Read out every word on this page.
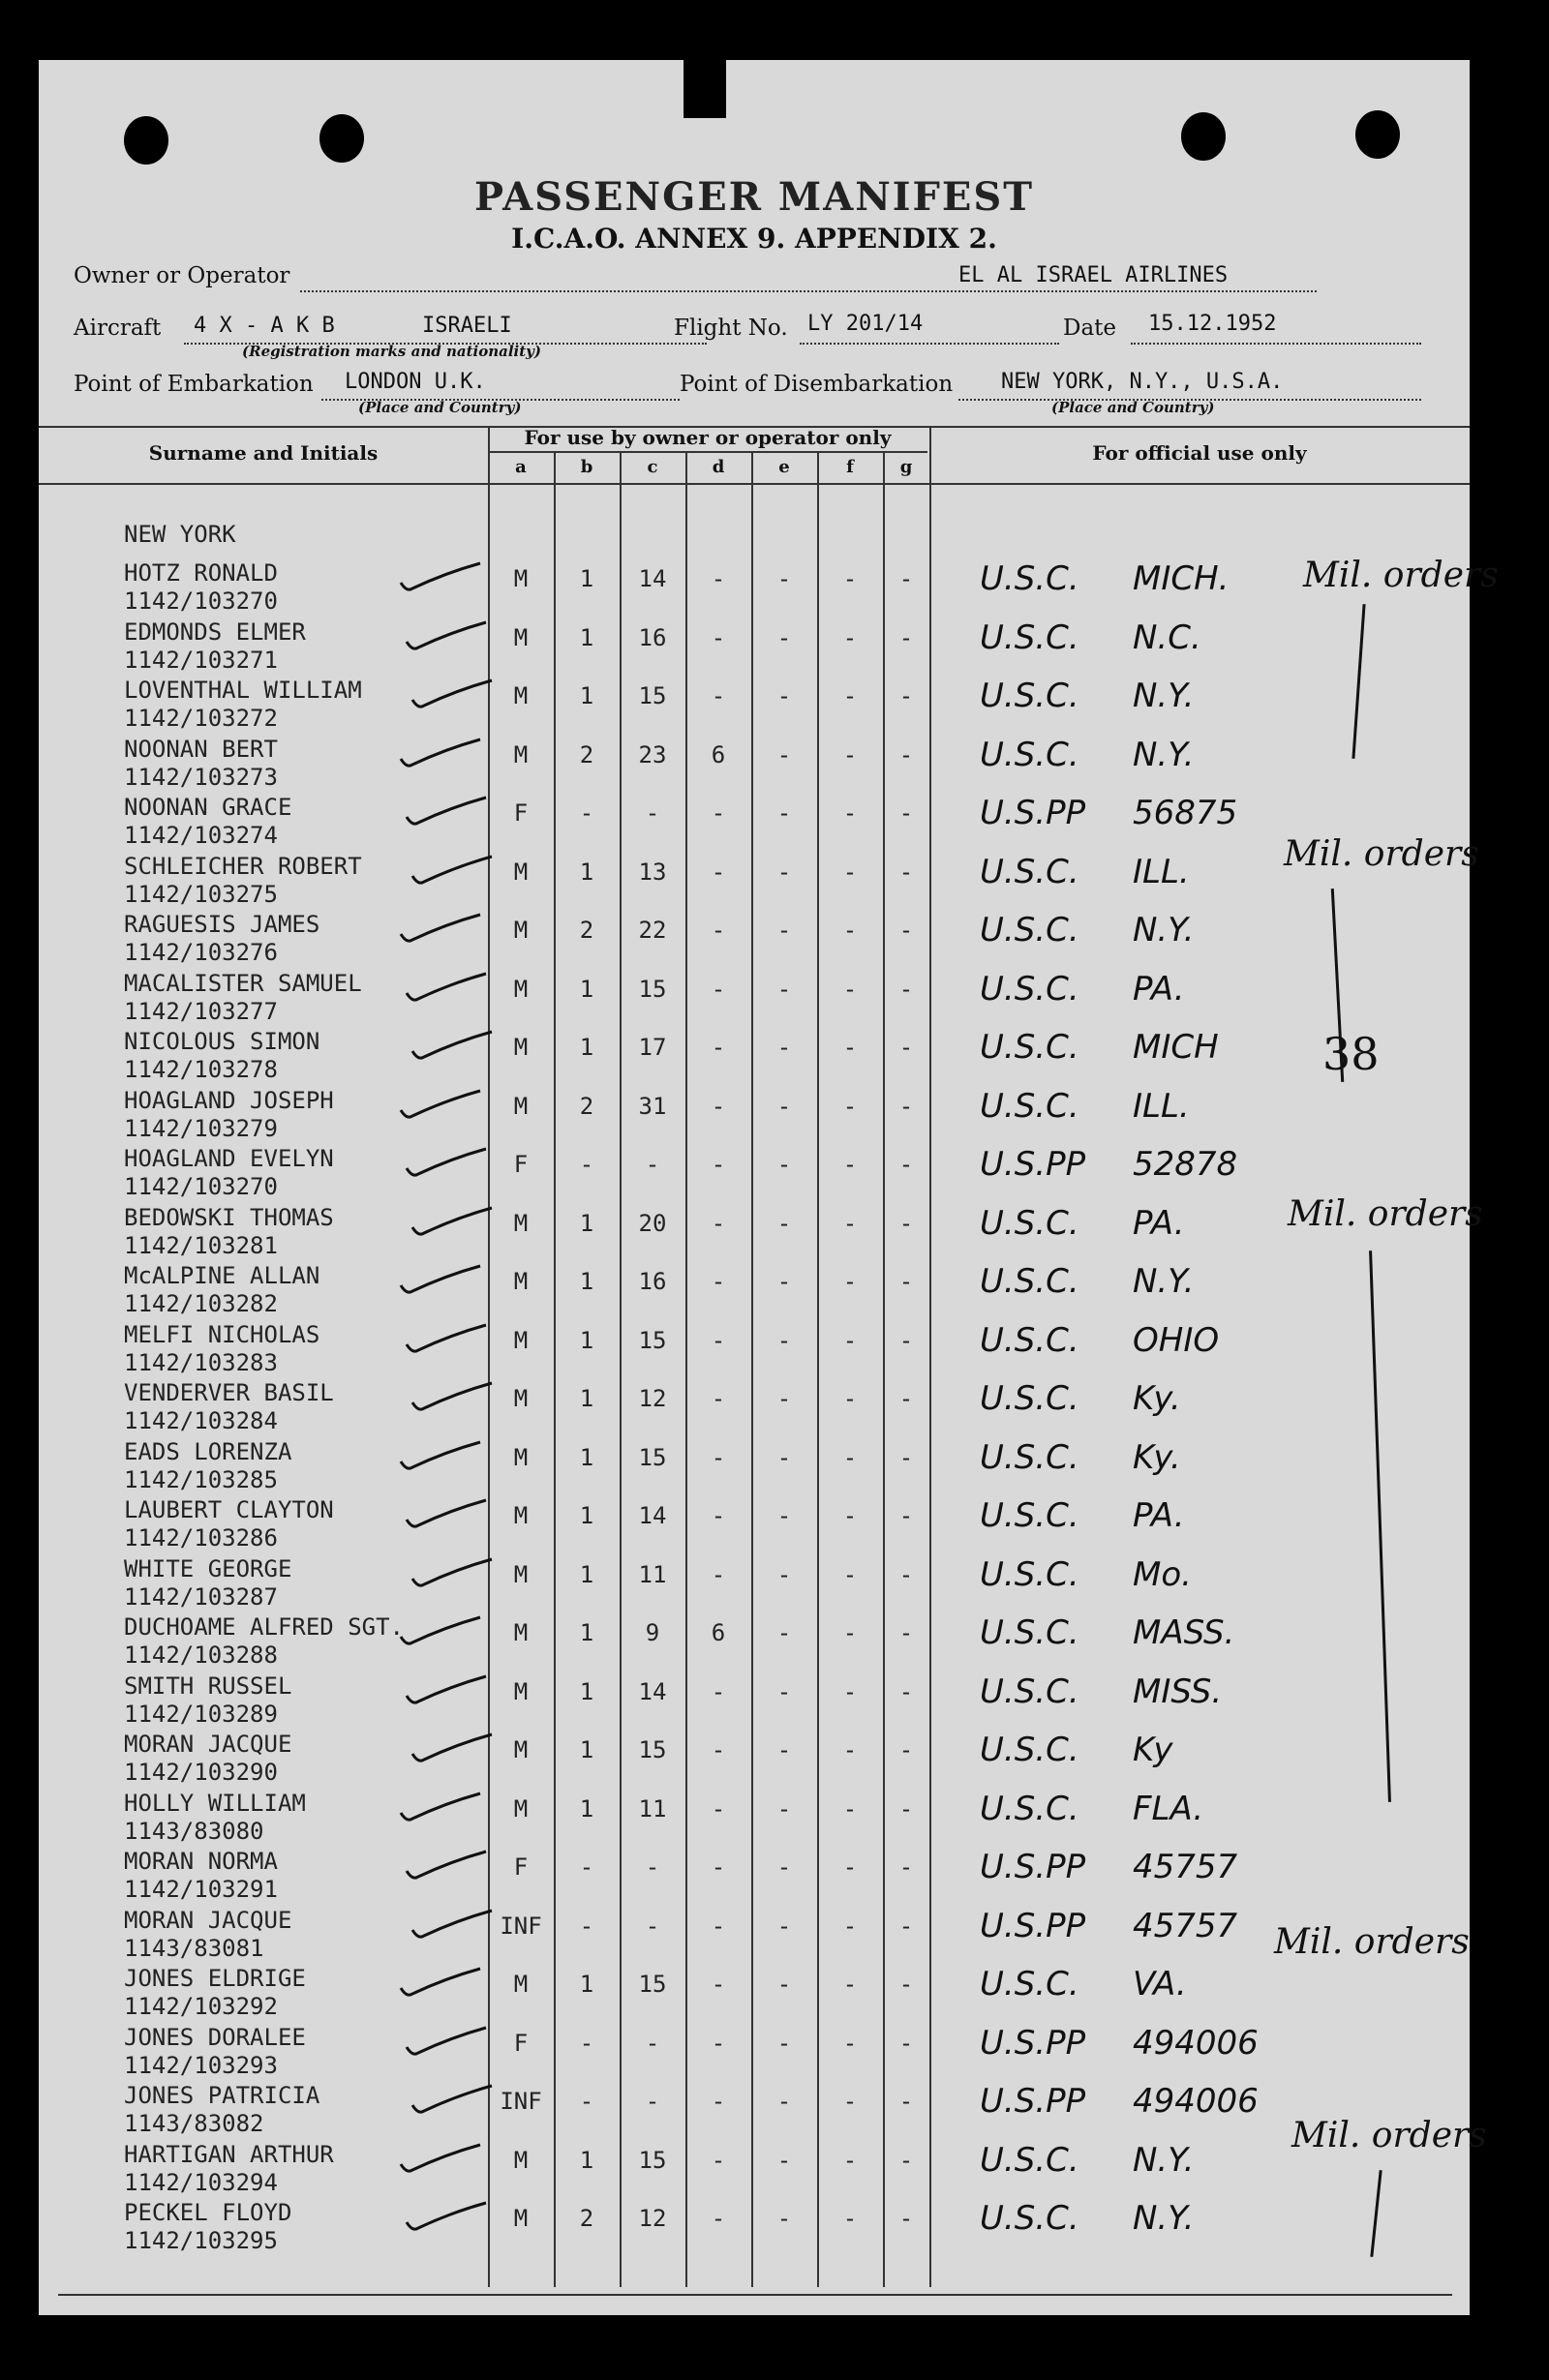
PASSENGER MANIFEST
I.C.A.O. ANNEX 9. APPENDIX 2.
Owner or Operator	EL AL ISRAEL AIRLINES
Aircraft 4 X - A K B	ISRAELI
(Registration marks and nationality)
Flight No. LY 201/14	Date 15.12.1952
Point of Embarkation LONDON U.K.
(Place and Country)
Point of Disembarkation NEW YORK, N.Y., U.S.A.
(Place and Country)
Surname and Initials
For use by owner or operator only
For official use only
a	b	c	d	e	f	g
NEW YORK
HOTZ RONALD
1142/103270
M	1	14	-	-	-	-	U.S.C. MICH.
EDMONDS ELMER
1142/103271
M	1	16	-	-	-	-	U.S.C. N.C.
LOVENTHAL WILLIAM
1142/103272
M	1	15	-	-	-	-	U.S.C. N.Y.
NOONAN BERT
1142/103273
M	2	23	6	-	-	-	U.S.C. N.Y.
NOONAN GRACE
1142/103274
F	-	-	-	-	-	-	U.S.PP 56875
SCHLEICHER ROBERT
1142/103275
M	1	13	-	-	-	-	U.S.C. ILL.
RAGUESIS JAMES
1142/103276
M	2	22	-	-	-	-	U.S.C. N.Y.
MACALISTER SAMUEL
1142/103277
M	1	15	-	-	-	-	U.S.C. PA.
NICOLOUS SIMON
1142/103278
M	1	17	-	-	-	-	U.S.C. MICH
HOAGLAND JOSEPH
1142/103279
M	2	31	-	-	-	-	U.S.C. ILL.
HOAGLAND EVELYN
1142/103270
F	-	-	-	-	-	-	U.S.PP 52878
BEDOWSKI THOMAS
1142/103281
M	1	20	-	-	-	-	U.S.C. PA.
McALPINE ALLAN
1142/103282
M	1	16	-	-	-	-	U.S.C. N.Y.
MELFI NICHOLAS
1142/103283
M	1	15	-	-	-	-	U.S.C. OHIO
VENDERVER BASIL
1142/103284
M	1	12	-	-	-	-	U.S.C. Ky.
EADS LORENZA
1142/103285
M	1	15	-	-	-	-	U.S.C. Ky.
LAUBERT CLAYTON
1142/103286
M	1	14	-	-	-	-	U.S.C. PA.
WHITE GEORGE
1142/103287
M	1	11	-	-	-	-	U.S.C. Mo.
DUCHOAME ALFRED SGT.
1142/103288
M	1	9	6	-	-	-	U.S.C. MASS.
SMITH RUSSEL
1142/103289
M	1	14	-	-	-	-	U.S.C. MISS.
MORAN JACQUE
1142/103290
M	1	15	-	-	-	-	U.S.C. Ky
HOLLY WILLIAM
1143/83080
M	1	11	-	-	-	-	U.S.C. FLA.
MORAN NORMA
1142/103291
F	-	-	-	-	-	-	U.S.PP 45757
MORAN JACQUE
1143/83081
INF	-	-	-	-	-	-	U.S.PP 45757
JONES ELDRIGE
1142/103292
M	1	15	-	-	-	-	U.S.C. VA.
JONES DORALEE
1142/103293
F	-	-	-	-	-	-	U.S.PP 494006
JONES PATRICIA
1143/83082
INF	-	-	-	-	-	-	U.S.PP 494006
HARTIGAN ARTHUR
1142/103294
M	1	15	-	-	-	-	U.S.C. N.Y.
PECKEL FLOYD
1142/103295
M	2	12	-	-	-	-	U.S.C. N.Y.
Mil. orders
Mil. orders
Mil. orders
Mil. orders
Mil. orders
38
